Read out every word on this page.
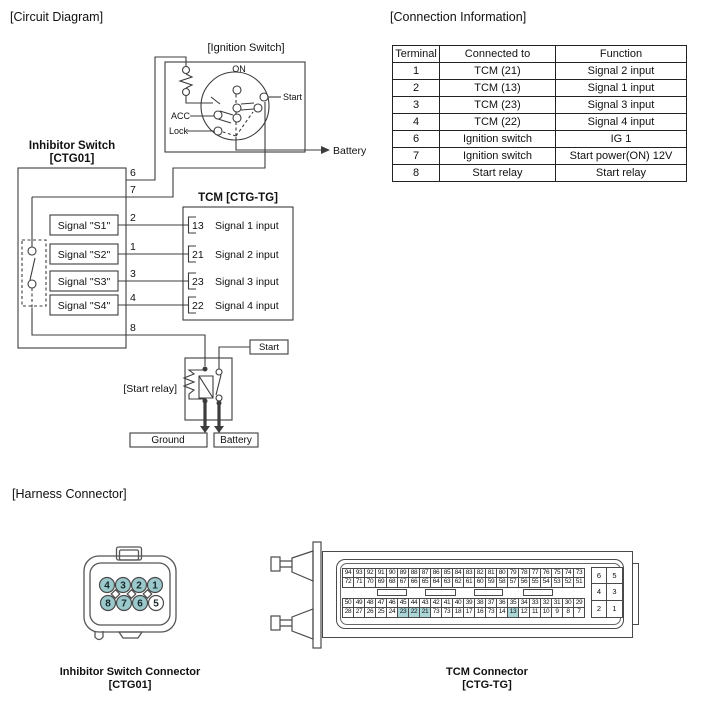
[Circuit Diagram]	[Connection Information]
[Harness Connector]
[Ignition Switch]
ON
Start
ACC
Lock
Battery
Inhibitor Switch
[CTG01]
TCM [CTG-TG]
6
7
2
1
3
4
8
Signal "S1"
Signal "S2"
Signal "S3"
Signal "S4"
13 Signal 1 input
21 Signal 2 input
23 Signal 3 input
22 Signal 4 input
[Start relay]
Start
Ground	Battery
Terminal	Connected to	Function
1	TCM (21)	Signal 2 input
2	TCM (13)	Signal 1 input
3	TCM (23)	Signal 3 input
4	TCM (22)	Signal 4 input
6	Ignition switch	IG 1
7	Ignition switch	Start power(ON) 12V
8	Start relay	Start relay
4 3 2 1
8 7 6 5
94 93 92 91 90 89 88 87 86 85 84 83 82 81 80 79 78 77 76 75 74 73
72 71 70 69 68 67 66 65 64 63 62 61 60 59 58 57 56 55 54 53 52 51
50 49 48 47 46 45 44 43 42 41 40 39 38 37 36 35 34 33 32 31 30 29
28 27 26 25 24 23 22 21 73 73 18 17 16 73 14 13 12 11 10 9	8	7
6	5
4	3
2	1
Inhibitor Switch Connector
[CTG01]
TCM Connector
[CTG-TG]
